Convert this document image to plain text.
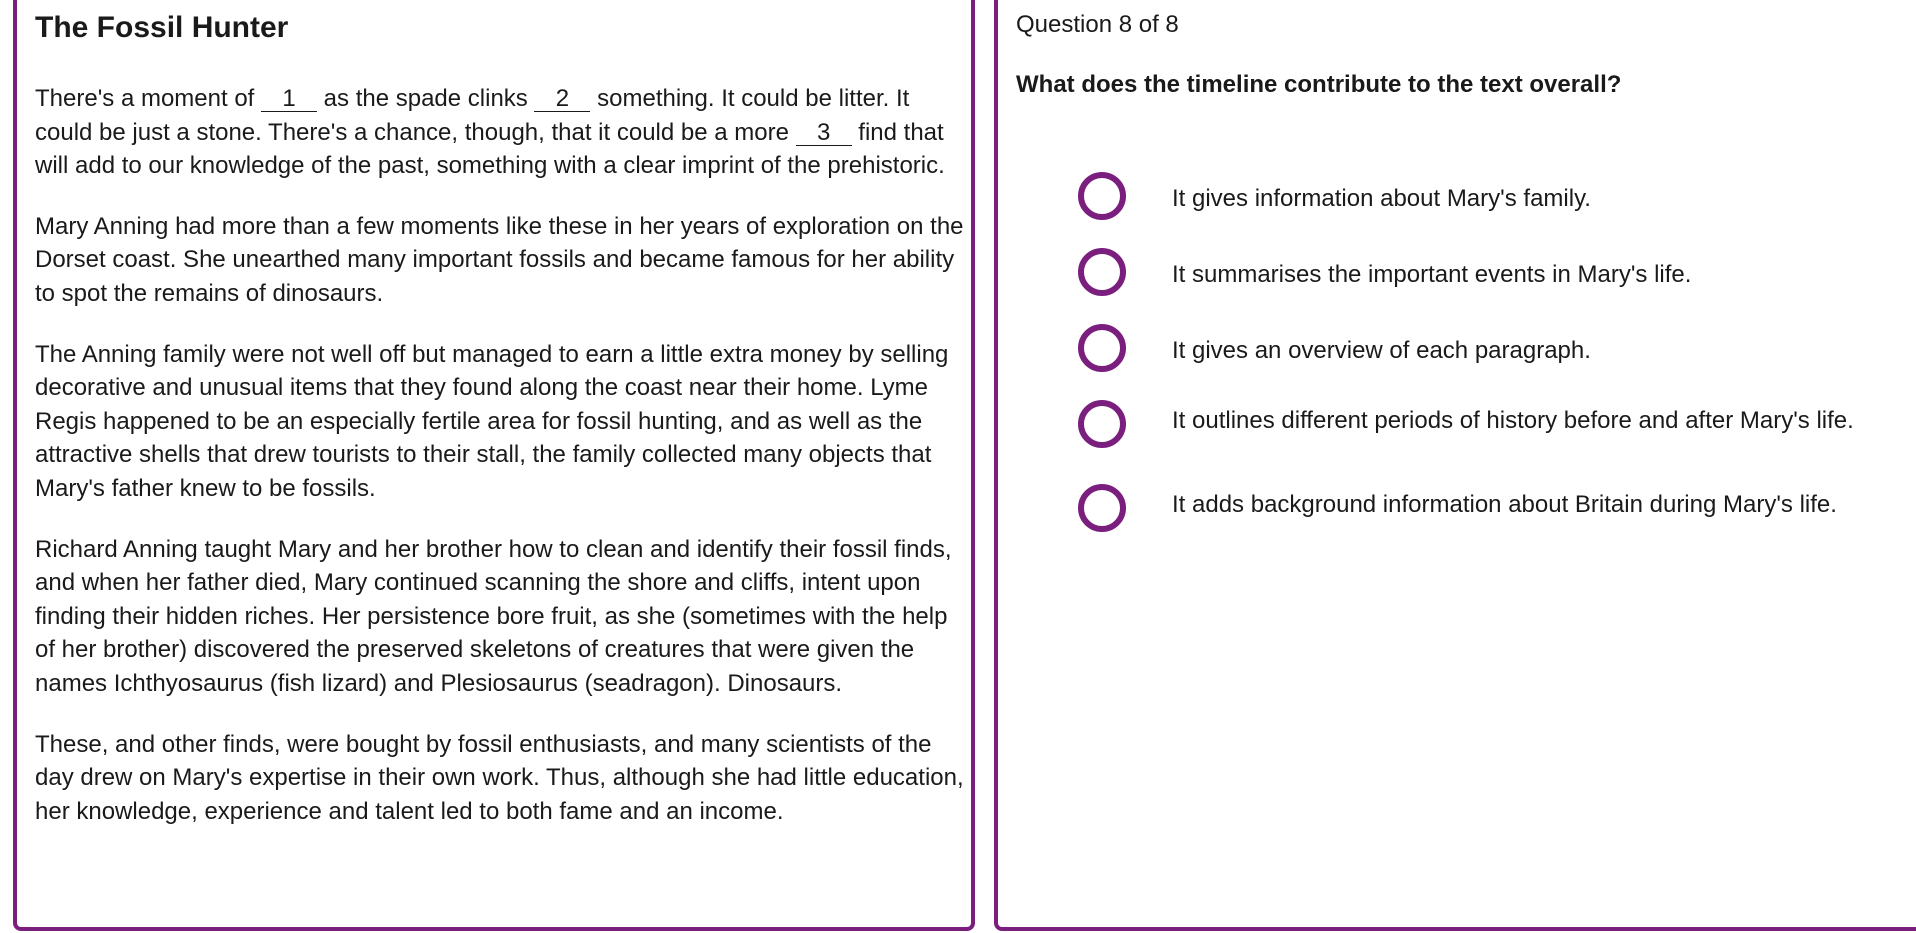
The Fossil Hunter

There's a moment of 1 as the spade clinks 2 something. It could be litter. It could be just a stone. There's a chance, though, that it could be a more 3 find that will add to our knowledge of the past, something with a clear imprint of the prehistoric.

Mary Anning had more than a few moments like these in her years of exploration on the Dorset coast. She unearthed many important fossils and became famous for her ability to spot the remains of dinosaurs.

The Anning family were not well off but managed to earn a little extra money by selling decorative and unusual items that they found along the coast near their home. Lyme Regis happened to be an especially fertile area for fossil hunting, and as well as the attractive shells that drew tourists to their stall, the family collected many objects that Mary's father knew to be fossils.

Richard Anning taught Mary and her brother how to clean and identify their fossil finds, and when her father died, Mary continued scanning the shore and cliffs, intent upon finding their hidden riches. Her persistence bore fruit, as she (sometimes with the help of her brother) discovered the preserved skeletons of creatures that were given the names Ichthyosaurus (fish lizard) and Plesiosaurus (seadragon). Dinosaurs.

These, and other finds, were bought by fossil enthusiasts, and many scientists of the day drew on Mary's expertise in their own work. Thus, although she had little education, her knowledge, experience and talent led to both fame and an income.

Question 8 of 8

What does the timeline contribute to the text overall?

It gives information about Mary's family.
It summarises the important events in Mary's life.
It gives an overview of each paragraph.
It outlines different periods of history before and after Mary's life.
It adds background information about Britain during Mary's life.
